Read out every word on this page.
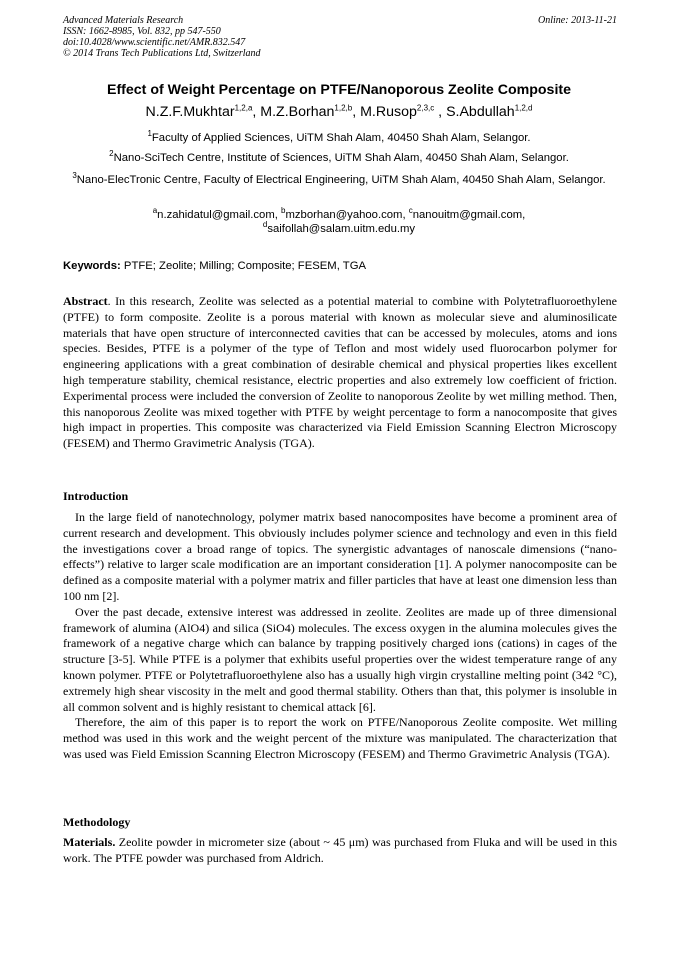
Advanced Materials Research
ISSN: 1662-8985, Vol. 832, pp 547-550
doi:10.4028/www.scientific.net/AMR.832.547
© 2014 Trans Tech Publications Ltd, Switzerland
Online: 2013-11-21
Effect of Weight Percentage on PTFE/Nanoporous Zeolite Composite
N.Z.F.Mukhtar$^{1,2,a}$, M.Z.Borhan$^{1,2,b}$, M.Rusop$^{2,3,c}$ , S.Abdullah$^{1,2,d}$
$^1$Faculty of Applied Sciences, UiTM Shah Alam, 40450 Shah Alam, Selangor.
$^2$Nano-SciTech Centre, Institute of Sciences, UiTM Shah Alam, 40450 Shah Alam, Selangor.
$^3$Nano-ElecTronic Centre, Faculty of Electrical Engineering, UiTM Shah Alam, 40450 Shah Alam, Selangor.
$^a$n.zahidatul@gmail.com, $^b$mzborhan@yahoo.com, $^c$nanouitm@gmail.com,
$^d$saifollah@salam.uitm.edu.my
Keywords: PTFE; Zeolite; Milling; Composite; FESEM, TGA

Abstract. In this research, Zeolite was selected as a potential material to combine with Polytetrafluoroethylene (PTFE) to form composite. Zeolite is a porous material with known as molecular sieve and aluminosilicate materials that have open structure of interconnected cavities that can be accessed by molecules, atoms and ions species. Besides, PTFE is a polymer of the type of Teflon and most widely used fluorocarbon polymer for engineering applications with a great combination of desirable chemical and physical properties likes excellent high temperature stability, chemical resistance, electric properties and also extremely low coefficient of friction. Experimental process were included the conversion of Zeolite to nanoporous Zeolite by wet milling method. Then, this nanoporous Zeolite was mixed together with PTFE by weight percentage to form a nanocomposite that gives high impact in properties. This composite was characterized via Field Emission Scanning Electron Microscopy (FESEM) and Thermo Gravimetric Analysis (TGA).

Introduction

In the large field of nanotechnology, polymer matrix based nanocomposites have become a prominent area of current research and development. This obviously includes polymer science and technology and even in this field the investigations cover a broad range of topics. The synergistic advantages of nanoscale dimensions (“nano-effects”) relative to larger scale modification are an important consideration [1]. A polymer nanocomposite can be defined as a composite material with a polymer matrix and filler particles that have at least one dimension less than 100 nm [2].

Over the past decade, extensive interest was addressed in zeolite. Zeolites are made up of three dimensional framework of alumina (AlO4) and silica (SiO4) molecules. The excess oxygen in the alumina molecules gives the framework of a negative charge which can balance by trapping positively charged ions (cations) in cages of the structure [3-5]. While PTFE is a polymer that exhibits useful properties over the widest temperature range of any known polymer. PTFE or Polytetrafluoroethylene also has a usually high virgin crystalline melting point (342 °C), extremely high shear viscosity in the melt and good thermal stability. Others than that, this polymer is insoluble in all common solvent and is highly resistant to chemical attack [6].

Therefore, the aim of this paper is to report the work on PTFE/Nanoporous Zeolite composite. Wet milling method was used in this work and the weight percent of the mixture was manipulated. The characterization that was used was Field Emission Scanning Electron Microscopy (FESEM) and Thermo Gravimetric Analysis (TGA).

Methodology

Materials. Zeolite powder in micrometer size (about ~ 45 μm) was purchased from Fluka and will be used in this work. The PTFE powder was purchased from Aldrich.
